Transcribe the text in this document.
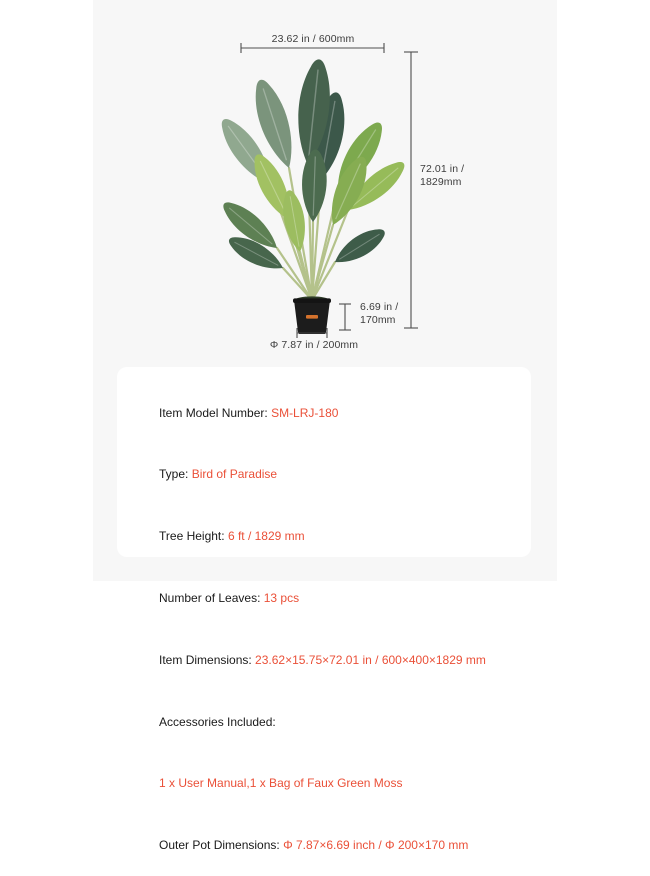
23.62 in / 600mm
72.01 in /
1829mm
6.69 in /
170mm
Φ 7.87 in / 200mm

Item Model Number: SM-LRJ-180

Type: Bird of Paradise

Tree Height: 6 ft / 1829 mm

Number of Leaves: 13 pcs

Item Dimensions: 23.62×15.75×72.01 in / 600×400×1829 mm

Accessories Included:

1 x User Manual,1 x Bag of Faux Green Moss

Outer Pot Dimensions: Φ 7.87×6.69 inch / Φ 200×170 mm
